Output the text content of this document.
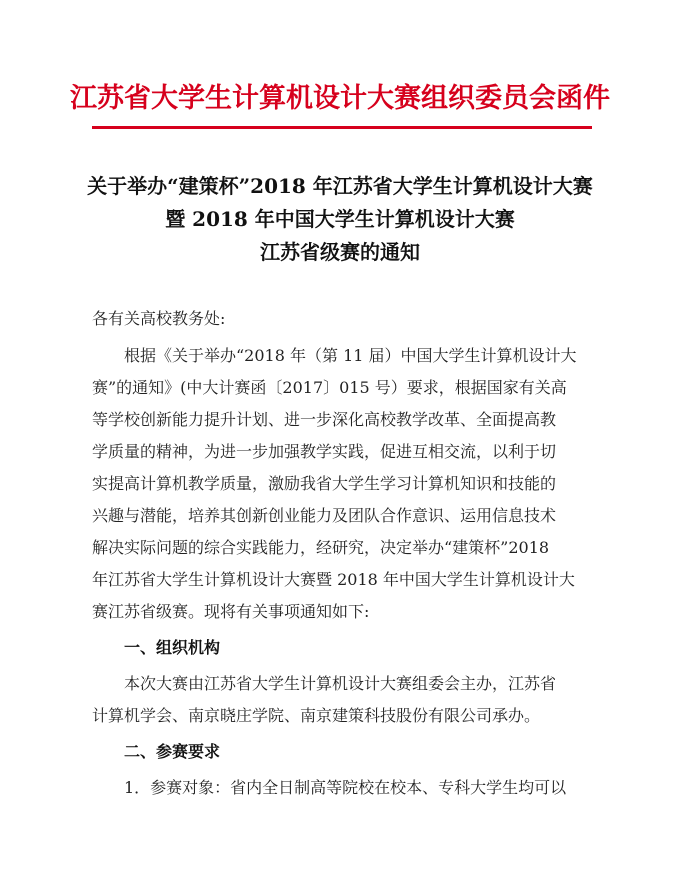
江苏省大学生计算机设计大赛组织委员会函件
关于举办“建策杯”2018 年江苏省大学生计算机设计大赛
暨 2018 年中国大学生计算机设计大赛
江苏省级赛的通知
各有关高校教务处:
根据《关于举办“2018 年（第 11 届）中国大学生计算机设计大
赛”的通知》(中大计赛函〔2017〕015 号）要求，根据国家有关高
等学校创新能力提升计划、进一步深化高校教学改革、全面提高教
学质量的精神，为进一步加强教学实践，促进互相交流，以利于切
实提高计算机教学质量，激励我省大学生学习计算机知识和技能的
兴趣与潜能，培养其创新创业能力及团队合作意识、运用信息技术
解决实际问题的综合实践能力，经研究，决定举办“建策杯”2018
年江苏省大学生计算机设计大赛暨 2018 年中国大学生计算机设计大
赛江苏省级赛。现将有关事项通知如下:
一、组织机构
本次大赛由江苏省大学生计算机设计大赛组委会主办，江苏省
计算机学会、南京晓庄学院、南京建策科技股份有限公司承办。
二、参赛要求
1．参赛对象：省内全日制高等院校在校本、专科大学生均可以
